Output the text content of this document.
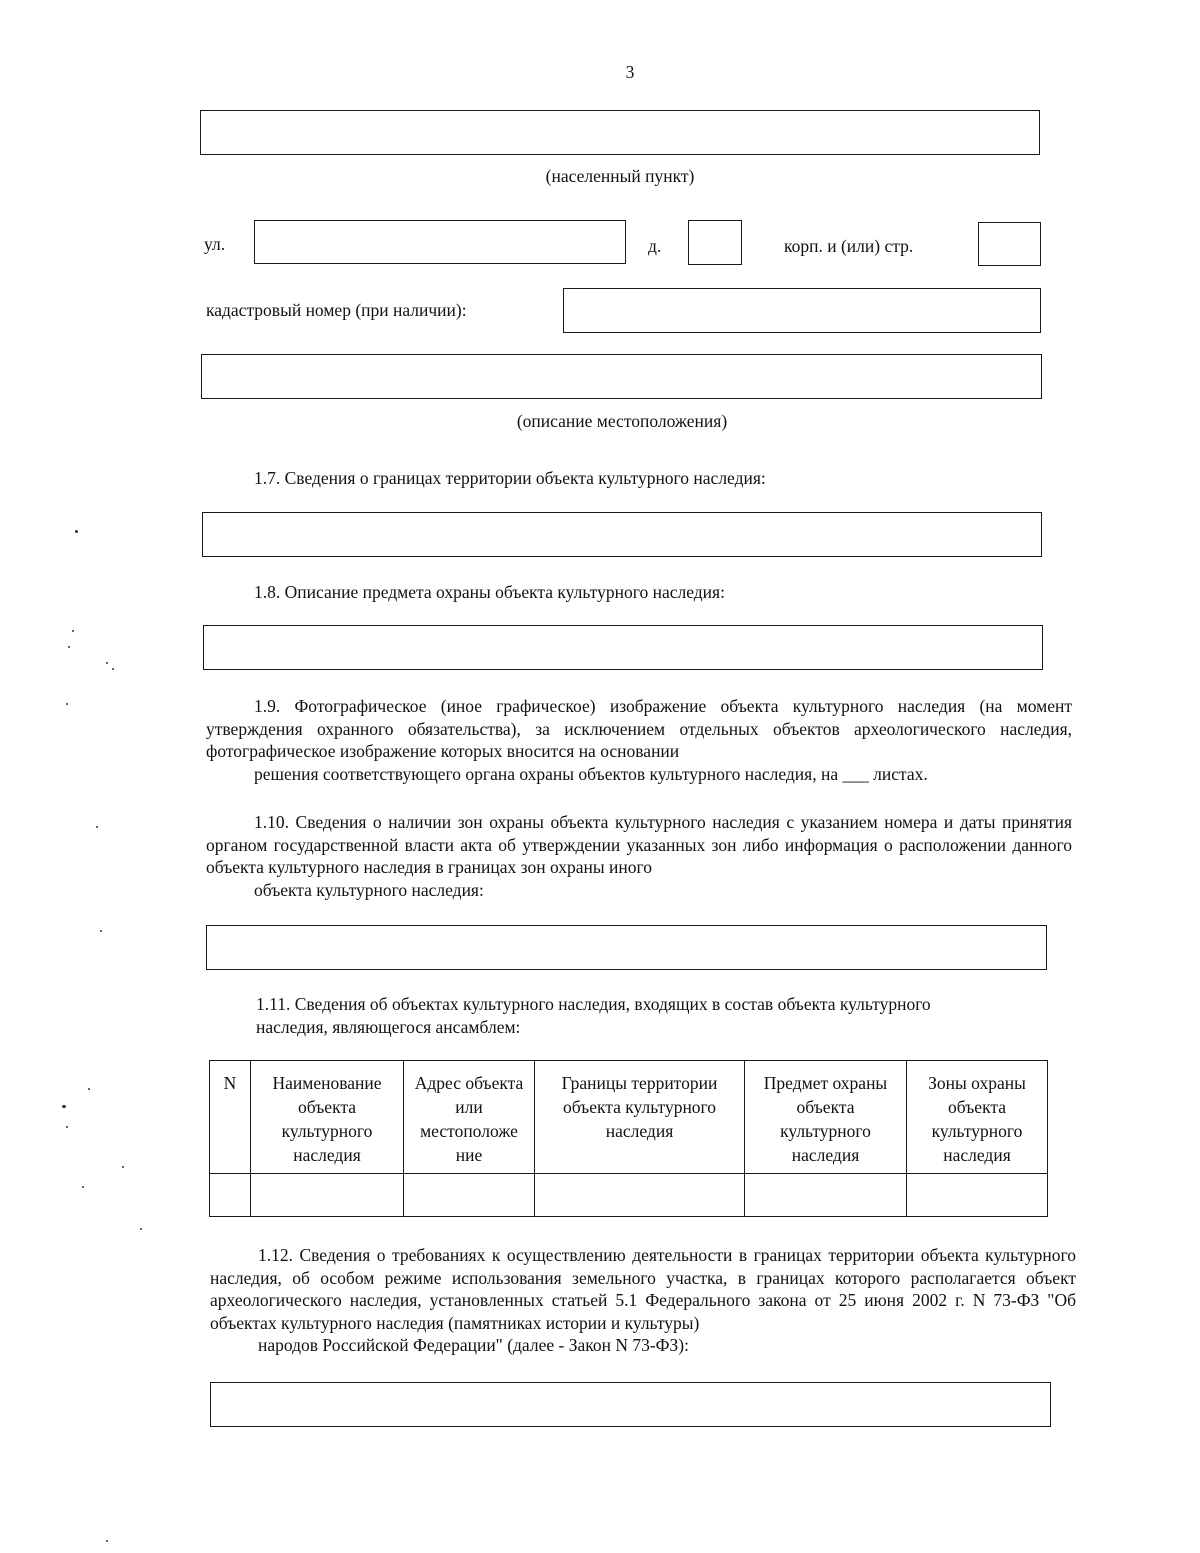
3
(населенный пункт)
ул.	д.	корп. и (или) стр.
кадастровый номер (при наличии):
(описание местоположения)
1.7. Сведения о границах территории объекта культурного наследия:
1.8. Описание предмета охраны объекта культурного наследия:
1.9. Фотографическое (иное графическое) изображение объекта культурного наследия (на момент утверждения охранного обязательства), за исключением отдельных объектов археологического наследия, фотографическое изображение которых вносится на основании
решения соответствующего органа охраны объектов культурного наследия, на ___ листах.
1.10. Сведения о наличии зон охраны объекта культурного наследия с указанием номера и даты принятия органом государственной власти акта об утверждении указанных зон либо информация о расположении данного объекта культурного наследия в границах зон охраны иного
объекта культурного наследия:
1.11. Сведения об объектах культурного наследия, входящих в состав объекта культурного
наследия, являющегося ансамблем:
N	Наименование объекта культурного наследия	Адрес объекта или местоположе ние	Границы территории объекта культурного наследия	Предмет охраны объекта культурного наследия	Зоны охраны объекта культурного наследия

1.12. Сведения о требованиях к осуществлению деятельности в границах территории объекта культурного наследия, об особом режиме использования земельного участка, в границах которого располагается объект археологического наследия, установленных статьей 5.1 Федерального закона от 25 июня 2002 г. N 73-ФЗ "Об объектах культурного наследия (памятниках истории и культуры)
народов Российской Федерации" (далее - Закон N 73-ФЗ):
